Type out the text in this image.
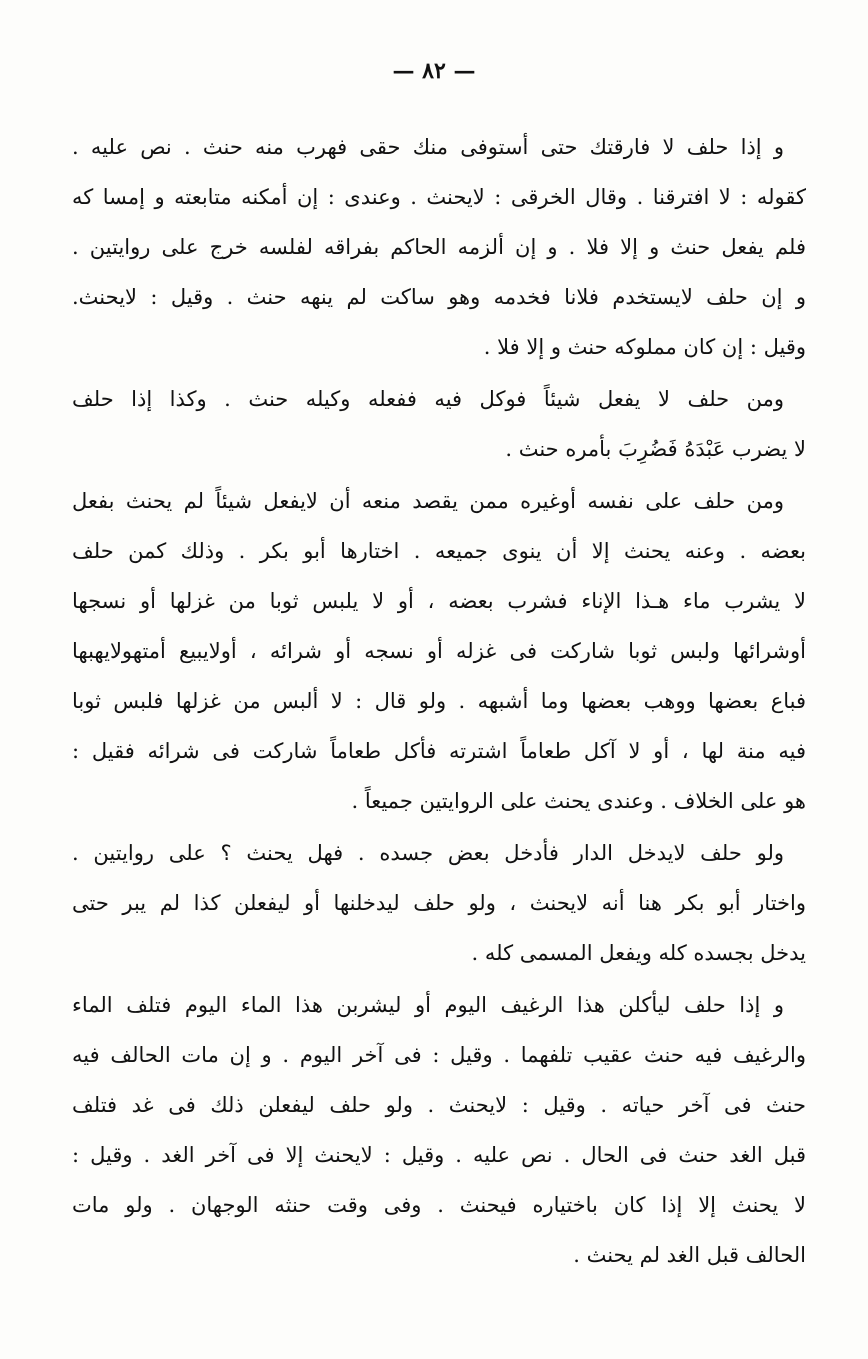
— ٨٢ —
و إذا حلف لا فارقتك حتى أستوفى منك حقى فهرب منه حنث . نص عليه .
كقوله : لا افترقنا . وقال الخرقى : لايحنث . وعندى : إن أمكنه متابعته و إمسا كه
فلم يفعل حنث و إلا فلا . و إن ألزمه الحاكم بفراقه لفلسه خرج على روايتين .
و إن حلف لايستخدم فلانا فخدمه وهو ساكت لم ينهه حنث . وقيل : لايحنث.
وقيل : إن كان مملوكه حنث و إلا فلا .
ومن حلف لا يفعل شيئاً فوكل فيه ففعله وكيله حنث . وكذا إذا حلف
لا يضرب عَبْدَهُ فَضُرِبَ بأمره حنث .
ومن حلف على نفسه أوغيره ممن يقصد منعه أن لايفعل شيئاً لم يحنث بفعل
بعضه . وعنه يحنث إلا أن ينوى جميعه . اختارها أبو بكر . وذلك كمن حلف
لا يشرب ماء هـذا الإناء فشرب بعضه ، أو لا يلبس ثوبا من غزلها أو نسجها
أوشرائها ولبس ثوبا شاركت فى غزله أو نسجه أو شرائه ، أولايبيع أمتهولايهبها
فباع بعضها ووهب بعضها وما أشبهه . ولو قال : لا ألبس من غزلها فلبس ثوبا
فيه منة لها ، أو لا آكل طعاماً اشترته فأكل طعاماً شاركت فى شرائه فقيل :
هو على الخلاف . وعندى يحنث على الروايتين جميعاً .
ولو حلف لايدخل الدار فأدخل بعض جسده . فهل يحنث ؟ على روايتين .
واختار أبو بكر هنا أنه لايحنث ، ولو حلف ليدخلنها أو ليفعلن كذا لم يبر حتى
يدخل بجسده كله ويفعل المسمى كله .
و إذا حلف ليأكلن هذا الرغيف اليوم أو ليشربن هذا الماء اليوم فتلف الماء
والرغيف فيه حنث عقيب تلفهما . وقيل : فى آخر اليوم . و إن مات الحالف فيه
حنث فى آخر حياته . وقيل : لايحنث . ولو حلف ليفعلن ذلك فى غد فتلف
قبل الغد حنث فى الحال . نص عليه . وقيل : لايحنث إلا فى آخر الغد . وقيل :
لا يحنث إلا إذا كان باختياره فيحنث . وفى وقت حنثه الوجهان . ولو مات
الحالف قبل الغد لم يحنث .
